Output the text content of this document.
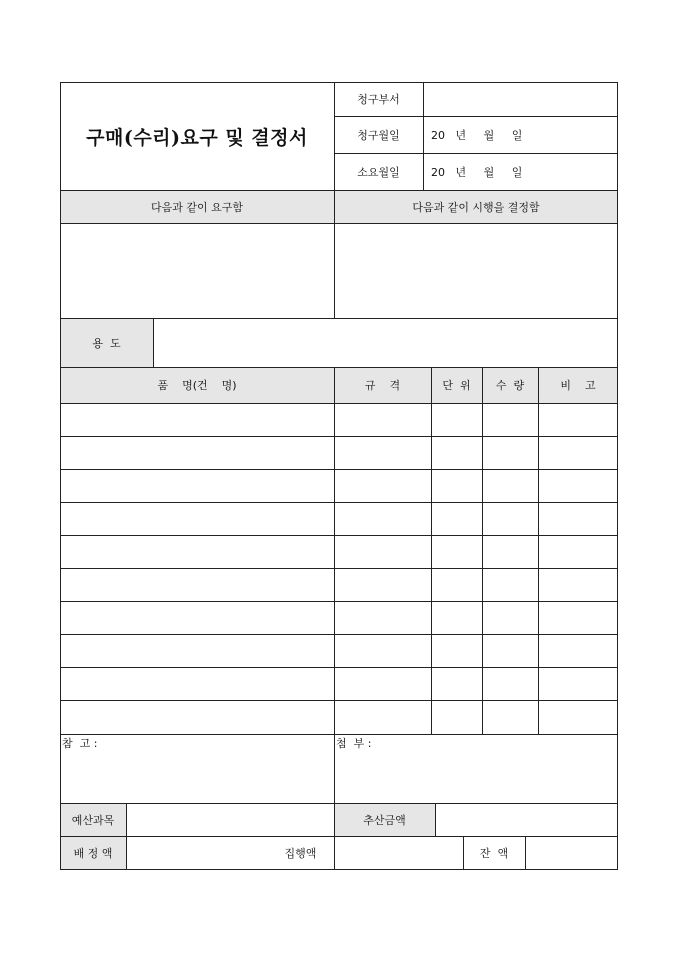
구매(수리)요구 및 결정서
청구부서
청구월일	20   년     월     일
소요월일	20   년     월     일
다음과 같이 요구함	다음과 같이 시행을 결정함
용  도
품    명(건    명)	규    격	단  위	수  량	비    고
참  고 :	첨  부 :
예산과목	추산금액
배 정 액	집행액	잔  액
